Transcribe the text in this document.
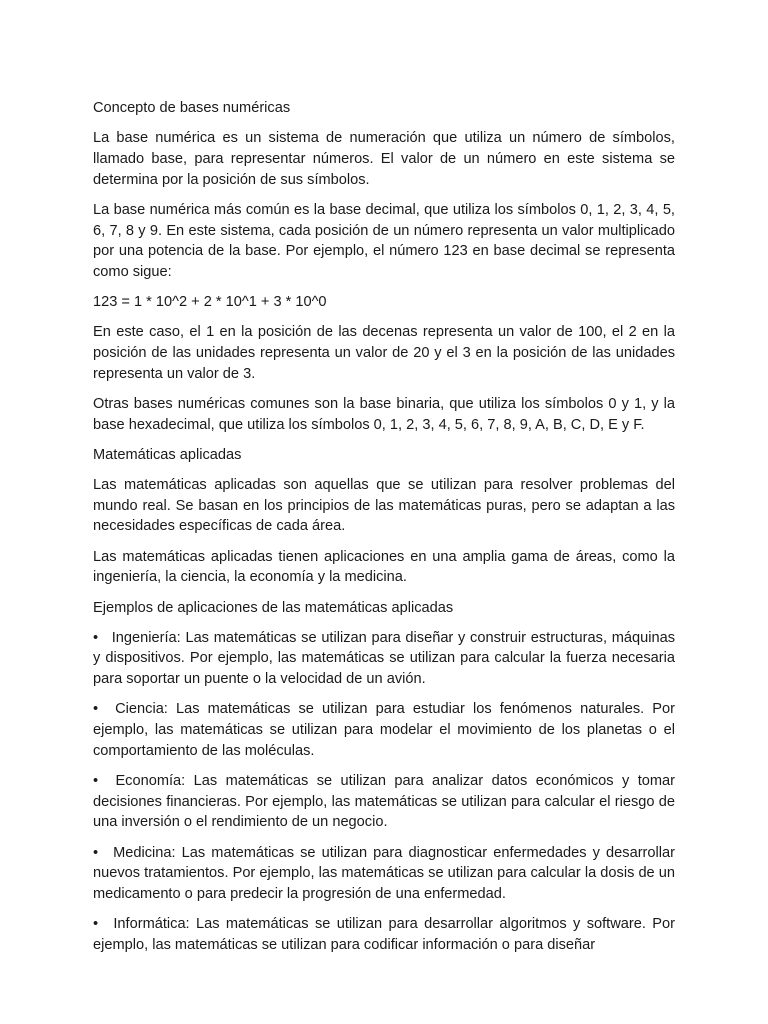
Concepto de bases numéricas

La base numérica es un sistema de numeración que utiliza un número de símbolos, llamado base, para representar números. El valor de un número en este sistema se determina por la posición de sus símbolos.

La base numérica más común es la base decimal, que utiliza los símbolos 0, 1, 2, 3, 4, 5, 6, 7, 8 y 9. En este sistema, cada posición de un número representa un valor multiplicado por una potencia de la base. Por ejemplo, el número 123 en base decimal se representa como sigue:

123 = 1 * 10^2 + 2 * 10^1 + 3 * 10^0

En este caso, el 1 en la posición de las decenas representa un valor de 100, el 2 en la posición de las unidades representa un valor de 20 y el 3 en la posición de las unidades representa un valor de 3.

Otras bases numéricas comunes son la base binaria, que utiliza los símbolos 0 y 1, y la base hexadecimal, que utiliza los símbolos 0, 1, 2, 3, 4, 5, 6, 7, 8, 9, A, B, C, D, E y F.

Matemáticas aplicadas

Las matemáticas aplicadas son aquellas que se utilizan para resolver problemas del mundo real. Se basan en los principios de las matemáticas puras, pero se adaptan a las necesidades específicas de cada área.

Las matemáticas aplicadas tienen aplicaciones en una amplia gama de áreas, como la ingeniería, la ciencia, la economía y la medicina.

Ejemplos de aplicaciones de las matemáticas aplicadas

• Ingeniería: Las matemáticas se utilizan para diseñar y construir estructuras, máquinas y dispositivos. Por ejemplo, las matemáticas se utilizan para calcular la fuerza necesaria para soportar un puente o la velocidad de un avión.

• Ciencia: Las matemáticas se utilizan para estudiar los fenómenos naturales. Por ejemplo, las matemáticas se utilizan para modelar el movimiento de los planetas o el comportamiento de las moléculas.

• Economía: Las matemáticas se utilizan para analizar datos económicos y tomar decisiones financieras. Por ejemplo, las matemáticas se utilizan para calcular el riesgo de una inversión o el rendimiento de un negocio.

• Medicina: Las matemáticas se utilizan para diagnosticar enfermedades y desarrollar nuevos tratamientos. Por ejemplo, las matemáticas se utilizan para calcular la dosis de un medicamento o para predecir la progresión de una enfermedad.

• Informática: Las matemáticas se utilizan para desarrollar algoritmos y software. Por ejemplo, las matemáticas se utilizan para codificar información o para diseñar
